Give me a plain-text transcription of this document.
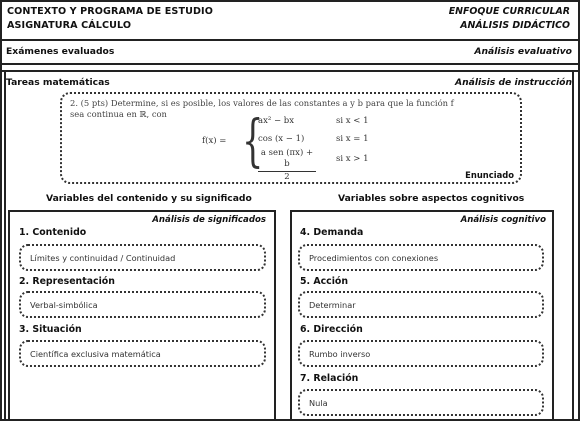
CONTEXTO Y PROGRAMA DE ESTUDIO
ASIGNATURA CÁLCULO
ENFOQUE CURRICULAR
ANÁLISIS DIDÁCTICO
Exámenes evaluados	Análisis evaluativo
Tareas matemáticas	Análisis de instrucción
2. (5 pts) Determine, si es posible, los valores de las constantes a y b para que la función f
sea continua en ℝ, con
f(x) = {
ax² − bx	si x < 1
cos (x − 1)	si x = 1
a sen (πx) + b
2
si x > 1
Enunciado
Variables del contenido y su significado	Variables sobre aspectos cognitivos
Análisis de significados
1. Contenido
Límites y continuidad / Continuidad
2. Representación
Verbal-simbólica
3. Situación
Científica exclusiva matemática
Análisis cognitivo
4. Demanda
Procedimientos con conexiones
5. Acción
Determinar
6. Dirección
Rumbo inverso
7. Relación
Nula
